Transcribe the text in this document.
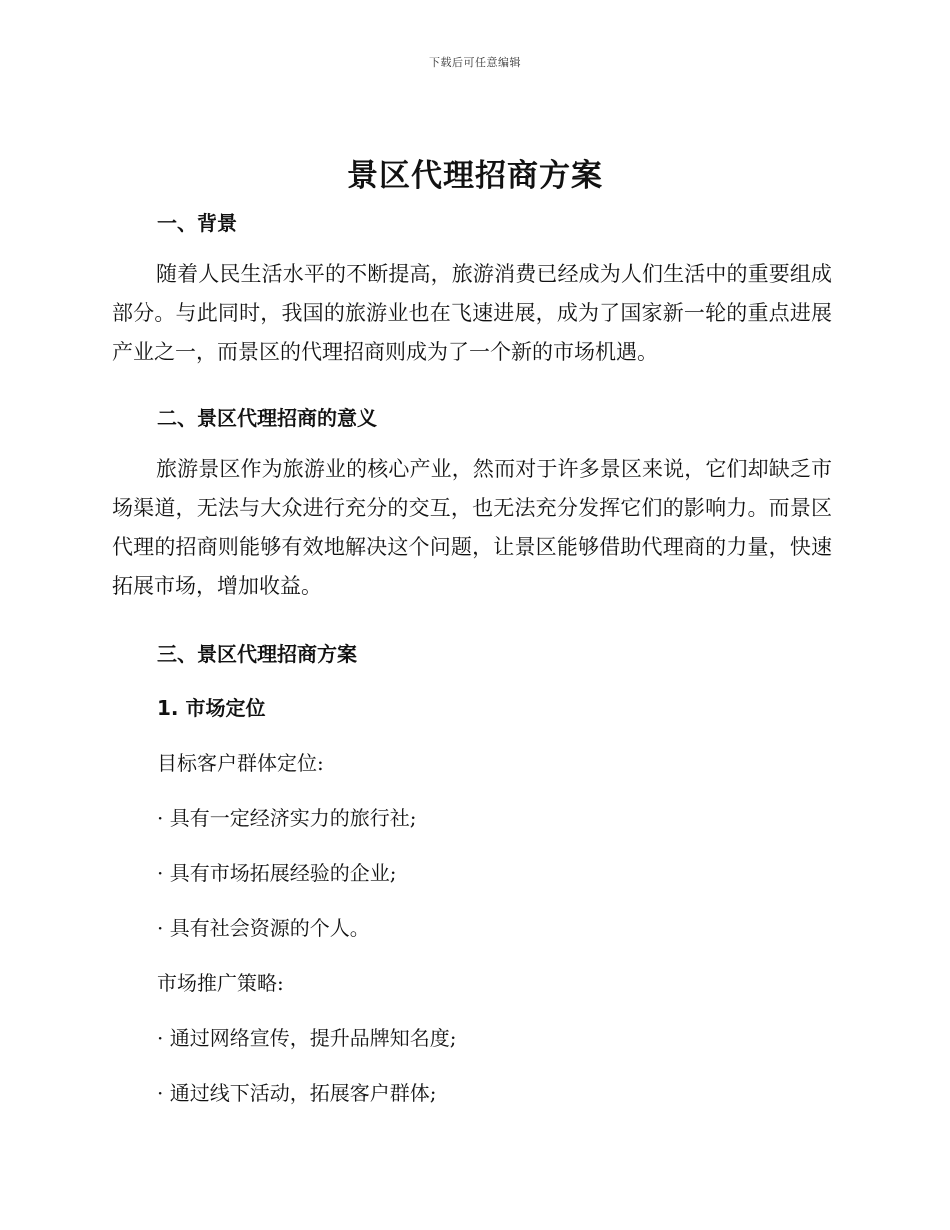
下载后可任意编辑
景区代理招商方案
一、背景
随着人民生活水平的不断提高，旅游消费已经成为人们生活中的重要组成部分。与此同时，我国的旅游业也在飞速进展，成为了国家新一轮的重点进展产业之一，而景区的代理招商则成为了一个新的市场机遇。
二、景区代理招商的意义
旅游景区作为旅游业的核心产业，然而对于许多景区来说，它们却缺乏市场渠道，无法与大众进行充分的交互，也无法充分发挥它们的影响力。而景区代理的招商则能够有效地解决这个问题，让景区能够借助代理商的力量，快速拓展市场，增加收益。
三、景区代理招商方案
1. 市场定位
目标客户群体定位:
· 具有一定经济实力的旅行社;
· 具有市场拓展经验的企业;
· 具有社会资源的个人。
市场推广策略:
· 通过网络宣传，提升品牌知名度;
· 通过线下活动，拓展客户群体;
